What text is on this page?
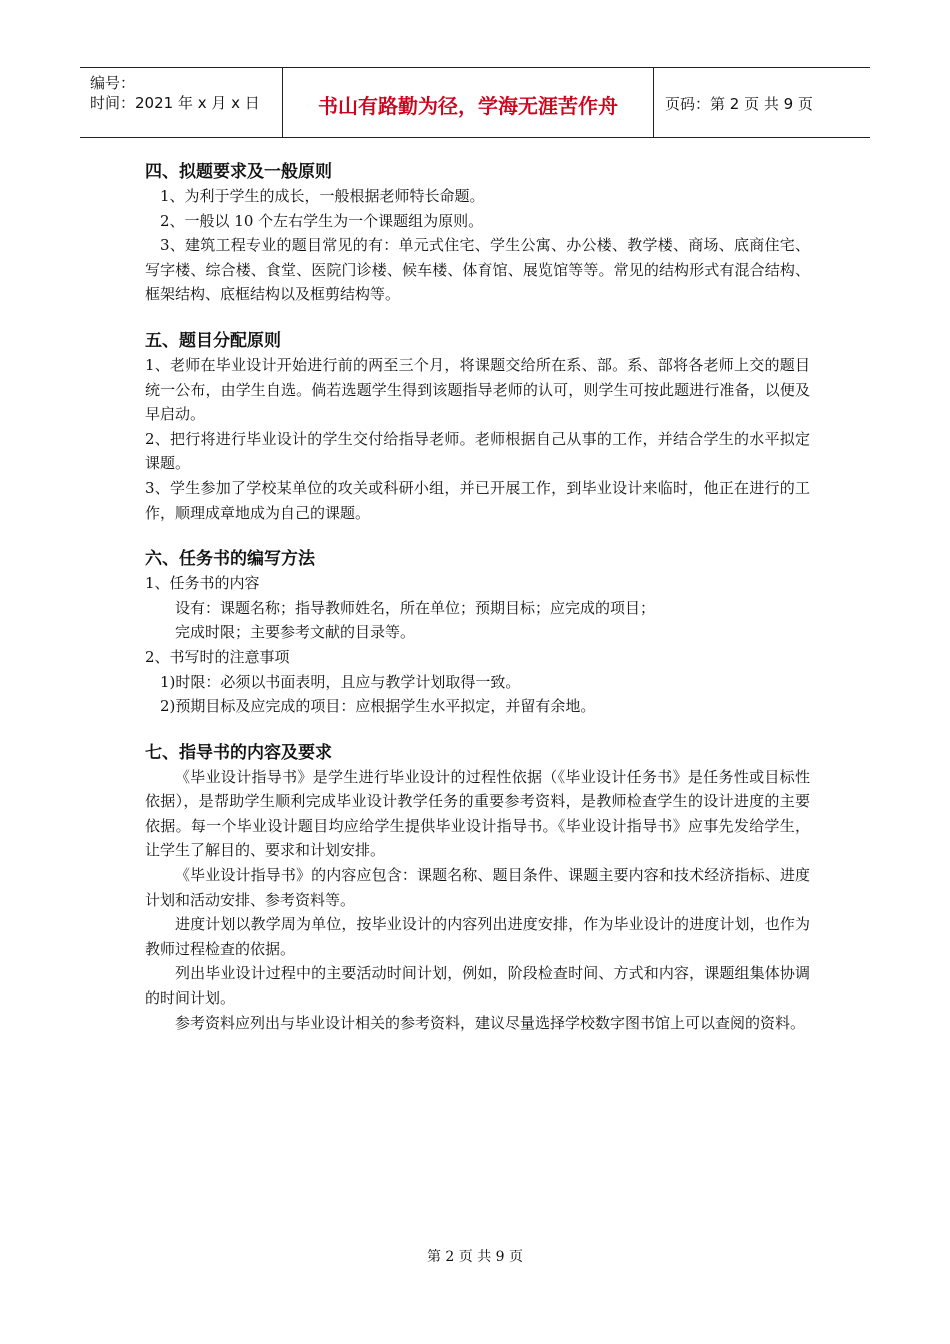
编号：
时间：2021 年 x 月 x 日	书山有路勤为径，学海无涯苦作舟	页码：第 2 页 共 9 页
四、拟题要求及一般原则

1、为利于学生的成长，一般根据老师特长命题。

2、一般以 10 个左右学生为一个课题组为原则。

3、建筑工程专业的题目常见的有：单元式住宅、学生公寓、办公楼、教学楼、商场、底商住宅、写字楼、综合楼、食堂、医院门诊楼、候车楼、体育馆、展览馆等等。常见的结构形式有混合结构、框架结构、底框结构以及框剪结构等。

五、题目分配原则

1、老师在毕业设计开始进行前的两至三个月，将课题交给所在系、部。系、部将各老师上交的题目统一公布，由学生自选。倘若选题学生得到该题指导老师的认可，则学生可按此题进行准备，以便及早启动。

2、把行将进行毕业设计的学生交付给指导老师。老师根据自己从事的工作，并结合学生的水平拟定课题。

3、学生参加了学校某单位的攻关或科研小组，并已开展工作，到毕业设计来临时，他正在进行的工作，顺理成章地成为自己的课题。

六、任务书的编写方法

1、任务书的内容

设有：课题名称；指导教师姓名，所在单位；预期目标；应完成的项目；

完成时限；主要参考文献的目录等。

2、书写时的注意事项

1)时限：必须以书面表明，且应与教学计划取得一致。

2)预期目标及应完成的项目：应根据学生水平拟定，并留有余地。

七、指导书的内容及要求

《毕业设计指导书》是学生进行毕业设计的过程性依据（《毕业设计任务书》是任务性或目标性依据），是帮助学生顺利完成毕业设计教学任务的重要参考资料，是教师检查学生的设计进度的主要依据。每一个毕业设计题目均应给学生提供毕业设计指导书。《毕业设计指导书》应事先发给学生，让学生了解目的、要求和计划安排。

《毕业设计指导书》的内容应包含：课题名称、题目条件、课题主要内容和技术经济指标、进度计划和活动安排、参考资料等。

进度计划以教学周为单位，按毕业设计的内容列出进度安排，作为毕业设计的进度计划，也作为教师过程检查的依据。

列出毕业设计过程中的主要活动时间计划，例如，阶段检查时间、方式和内容，课题组集体协调的时间计划。

参考资料应列出与毕业设计相关的参考资料，建议尽量选择学校数字图书馆上可以查阅的资料。

第 2 页 共 9 页
